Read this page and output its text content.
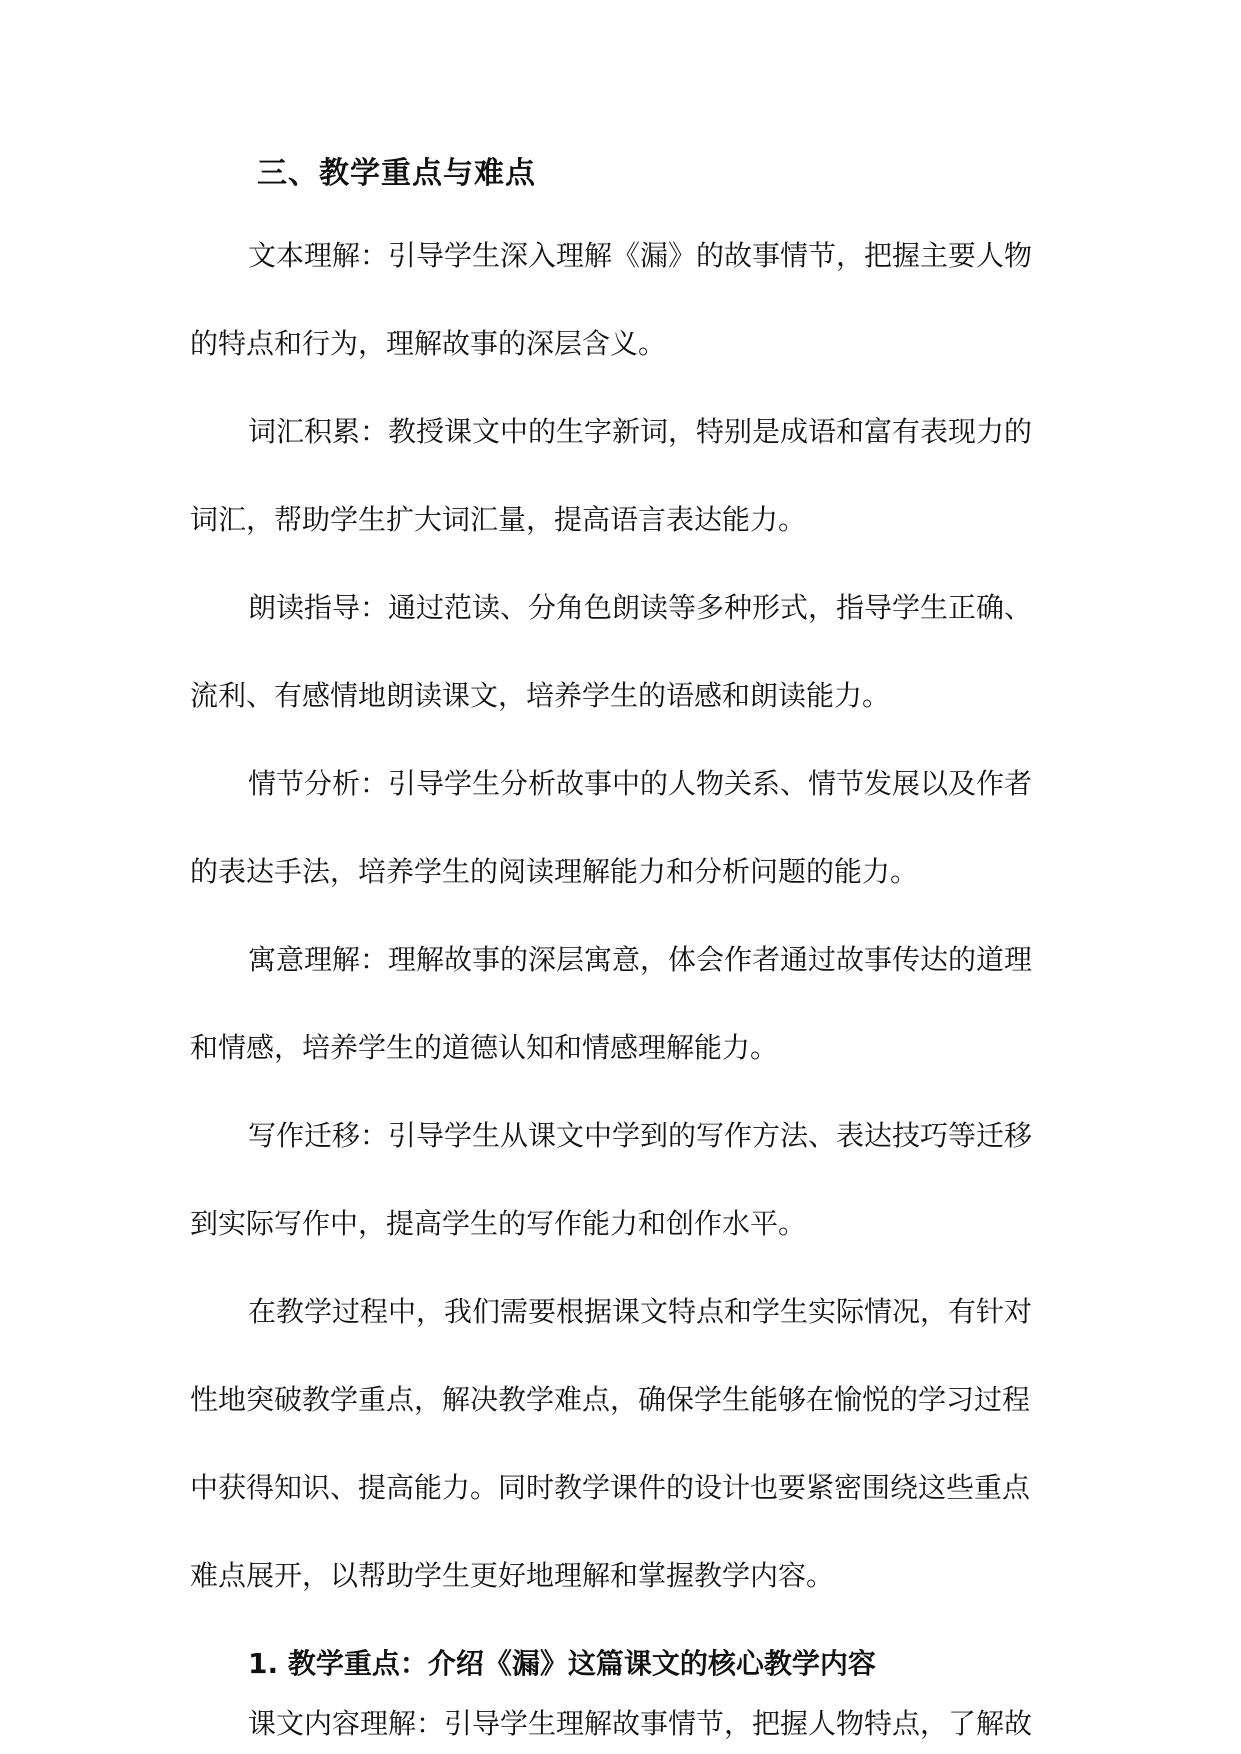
三、教学重点与难点
文本理解：引导学生深入理解《漏》的故事情节，把握主要人物
的特点和行为，理解故事的深层含义。
词汇积累：教授课文中的生字新词，特别是成语和富有表现力的
词汇，帮助学生扩大词汇量，提高语言表达能力。
朗读指导：通过范读、分角色朗读等多种形式，指导学生正确、
流利、有感情地朗读课文，培养学生的语感和朗读能力。
情节分析：引导学生分析故事中的人物关系、情节发展以及作者
的表达手法，培养学生的阅读理解能力和分析问题的能力。
寓意理解：理解故事的深层寓意，体会作者通过故事传达的道理
和情感，培养学生的道德认知和情感理解能力。
写作迁移：引导学生从课文中学到的写作方法、表达技巧等迁移
到实际写作中，提高学生的写作能力和创作水平。
在教学过程中，我们需要根据课文特点和学生实际情况，有针对
性地突破教学重点，解决教学难点，确保学生能够在愉悦的学习过程
中获得知识、提高能力。同时教学课件的设计也要紧密围绕这些重点
难点展开，以帮助学生更好地理解和掌握教学内容。
1. 教学重点：介绍《漏》这篇课文的核心教学内容
课文内容理解：引导学生理解故事情节，把握人物特点，了解故
